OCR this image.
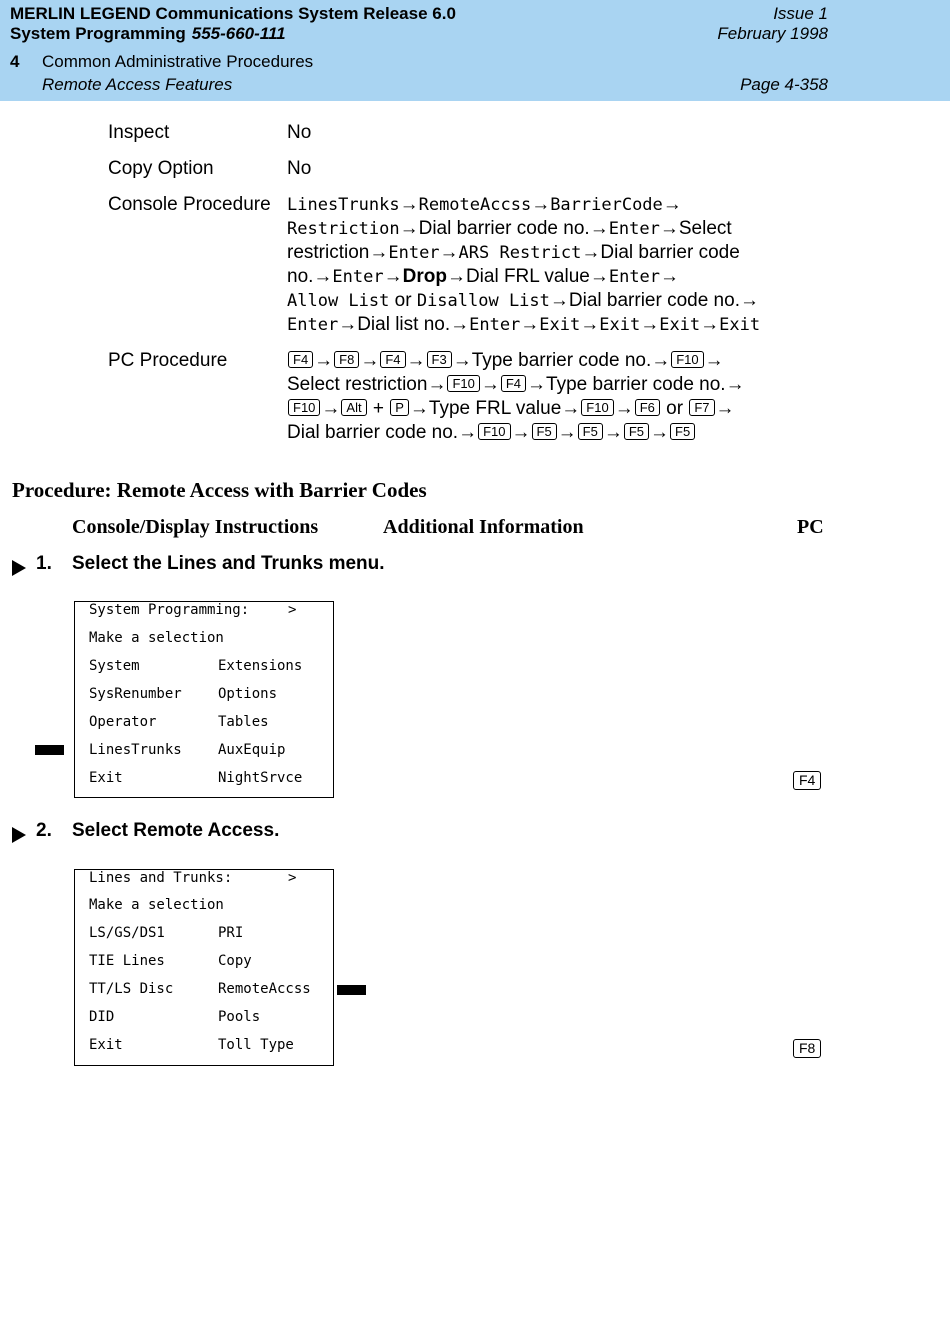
MERLIN LEGEND Communications System Release 6.0
System Programming 555-660-111
Issue 1
February 1998
4 Common Administrative Procedures
Remote Access Features	Page 4-358
Inspect	No
Copy Option	No
Console Procedure LinesTrunks→RemoteAccss→BarrierCode→
Restriction→Dial barrier code no.→Enter→Select
restriction→Enter→ARS Restrict→Dial barrier code
no.→Enter→Drop→Dial FRL value→Enter→
Allow List or Disallow List→Dial barrier code no.→
Enter→Dial list no.→Enter→Exit→Exit→Exit→Exit
PC Procedure	F4 → F8 → F4 → F3 →Type barrier code no.→ F10 →
Select restriction→ F10 → F4 →Type barrier code no.→
F10 → Alt + P →Type FRL value→ F10 → F6 or F7 →
Dial barrier code no.→ F10 → F5 → F5 → F5 → F5
Procedure: Remote Access with Barrier Codes
Console/Display Instructions	Additional Information	PC
1. Select the Lines and Trunks menu.
System Programming:	>
Make a selection
System	Extensions
SysRenumber	Options
Operator	Tables
LinesTrunks	AuxEquip
Exit	NightSrvce	F4
2. Select Remote Access.
Lines and Trunks:	>
Make a selection
LS/GS/DS1	PRI
TIE Lines	Copy
TT/LS Disc	RemoteAccss
DID	Pools
Exit	Toll Type	F8
